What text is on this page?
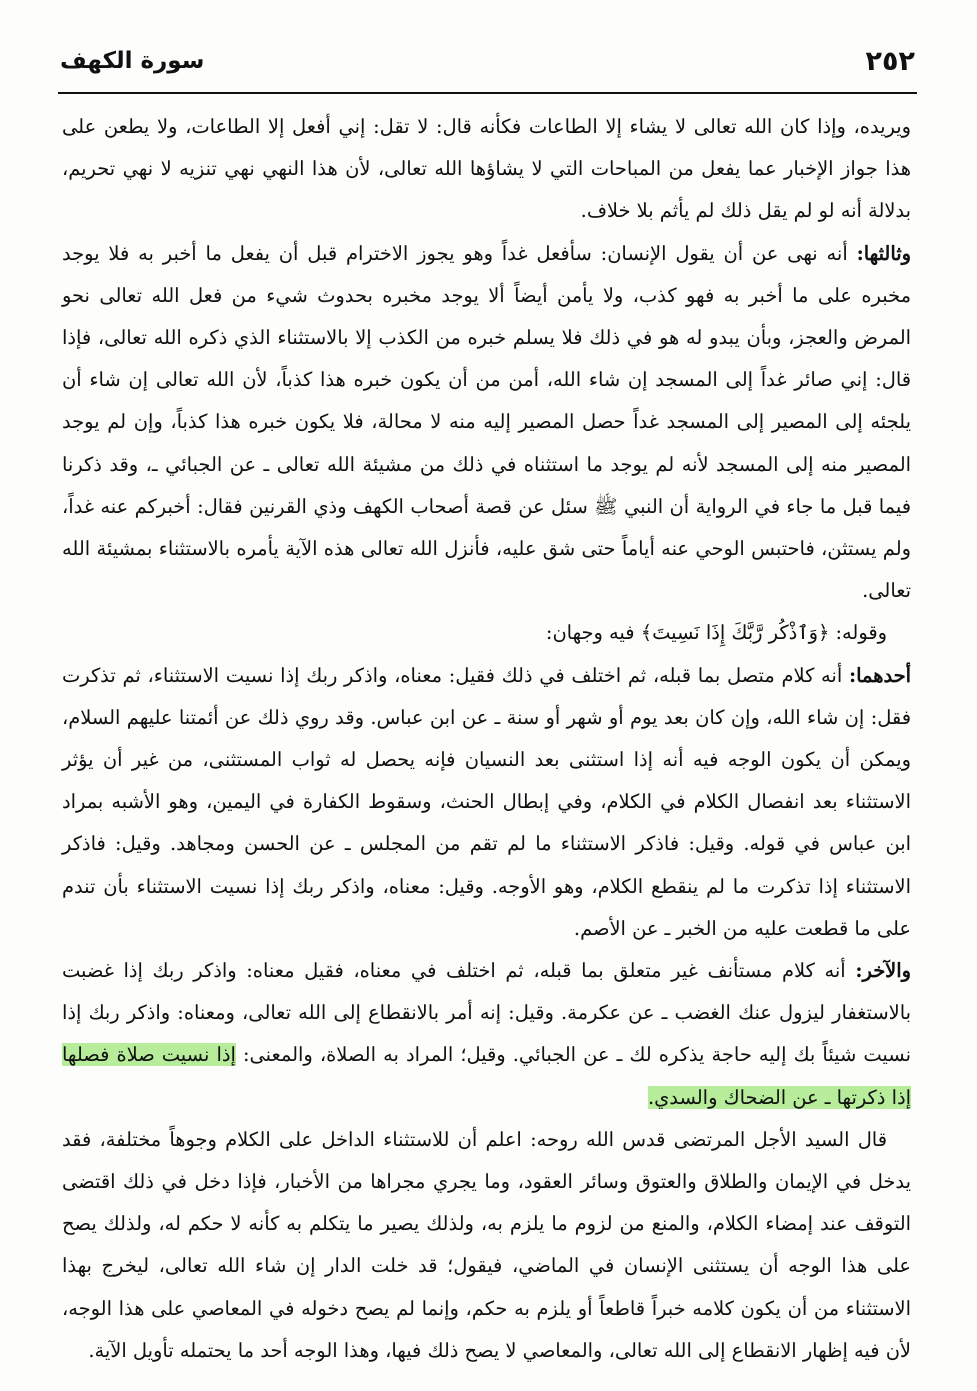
٢٥٢
سورة الكهف

ويريده، وإذا كان الله تعالى لا يشاء إلا الطاعات فكأنه قال: لا تقل: إني أفعل إلا الطاعات، ولا يطعن على هذا جواز الإخبار عما يفعل من المباحات التي لا يشاؤها الله تعالى، لأن هذا النهي نهي تنزيه لا نهي تحريم، بدلالة أنه لو لم يقل ذلك لم يأثم بلا خلاف.

وثالثها: أنه نهى عن أن يقول الإنسان: سأفعل غداً وهو يجوز الاخترام قبل أن يفعل ما أخبر به فلا يوجد مخبره على ما أخبر به فهو كذب، ولا يأمن أيضاً ألا يوجد مخبره بحدوث شيء من فعل الله تعالى نحو المرض والعجز، وبأن يبدو له هو في ذلك فلا يسلم خبره من الكذب إلا بالاستثناء الذي ذكره الله تعالى، فإذا قال: إني صائر غداً إلى المسجد إن شاء الله، أمن من أن يكون خبره هذا كذباً، لأن الله تعالى إن شاء أن يلجئه إلى المصير إلى المسجد غداً حصل المصير إليه منه لا محالة، فلا يكون خبره هذا كذباً، وإن لم يوجد المصير منه إلى المسجد لأنه لم يوجد ما استثناه في ذلك من مشيئة الله تعالى ـ عن الجبائي ـ، وقد ذكرنا فيما قبل ما جاء في الرواية أن النبي ﷺ سئل عن قصة أصحاب الكهف وذي القرنين فقال: أخبركم عنه غداً، ولم يستثن، فاحتبس الوحي عنه أياماً حتى شق عليه، فأنزل الله تعالى هذه الآية يأمره بالاستثناء بمشيئة الله تعالى.

وقوله: ﴿وَٱذْكُر رَّبَّكَ إِذَا نَسِيتَ﴾ فيه وجهان:

أحدهما: أنه كلام متصل بما قبله، ثم اختلف في ذلك فقيل: معناه، واذكر ربك إذا نسيت الاستثناء، ثم تذكرت فقل: إن شاء الله، وإن كان بعد يوم أو شهر أو سنة ـ عن ابن عباس. وقد روي ذلك عن أئمتنا عليهم السلام، ويمكن أن يكون الوجه فيه أنه إذا استثنى بعد النسيان فإنه يحصل له ثواب المستثنى، من غير أن يؤثر الاستثناء بعد انفصال الكلام في الكلام، وفي إبطال الحنث، وسقوط الكفارة في اليمين، وهو الأشبه بمراد ابن عباس في قوله. وقيل: فاذكر الاستثناء ما لم تقم من المجلس ـ عن الحسن ومجاهد. وقيل: فاذكر الاستثناء إذا تذكرت ما لم ينقطع الكلام، وهو الأوجه. وقيل: معناه، واذكر ربك إذا نسيت الاستثناء بأن تندم على ما قطعت عليه من الخبر ـ عن الأصم.

والآخر: أنه كلام مستأنف غير متعلق بما قبله، ثم اختلف في معناه، فقيل معناه: واذكر ربك إذا غضبت بالاستغفار ليزول عنك الغضب ـ عن عكرمة. وقيل: إنه أمر بالانقطاع إلى الله تعالى، ومعناه: واذكر ربك إذا نسيت شيئاً بك إليه حاجة يذكره لك ـ عن الجبائي. وقيل؛ المراد به الصلاة، والمعنى: إذا نسيت صلاة فصلها إذا ذكرتها ـ عن الضحاك والسدي.

قال السيد الأجل المرتضى قدس الله روحه: اعلم أن للاستثناء الداخل على الكلام وجوهاً مختلفة، فقد يدخل في الإيمان والطلاق والعتوق وسائر العقود، وما يجري مجراها من الأخبار، فإذا دخل في ذلك اقتضى التوقف عند إمضاء الكلام، والمنع من لزوم ما يلزم به، ولذلك يصير ما يتكلم به كأنه لا حكم له، ولذلك يصح على هذا الوجه أن يستثنى الإنسان في الماضي، فيقول؛ قد خلت الدار إن شاء الله تعالى، ليخرج بهذا الاستثناء من أن يكون كلامه خبراً قاطعاً أو يلزم به حكم، وإنما لم يصح دخوله في المعاصي على هذا الوجه، لأن فيه إظهار الانقطاع إلى الله تعالى، والمعاصي لا يصح ذلك فيها، وهذا الوجه أحد ما يحتمله تأويل الآية.
